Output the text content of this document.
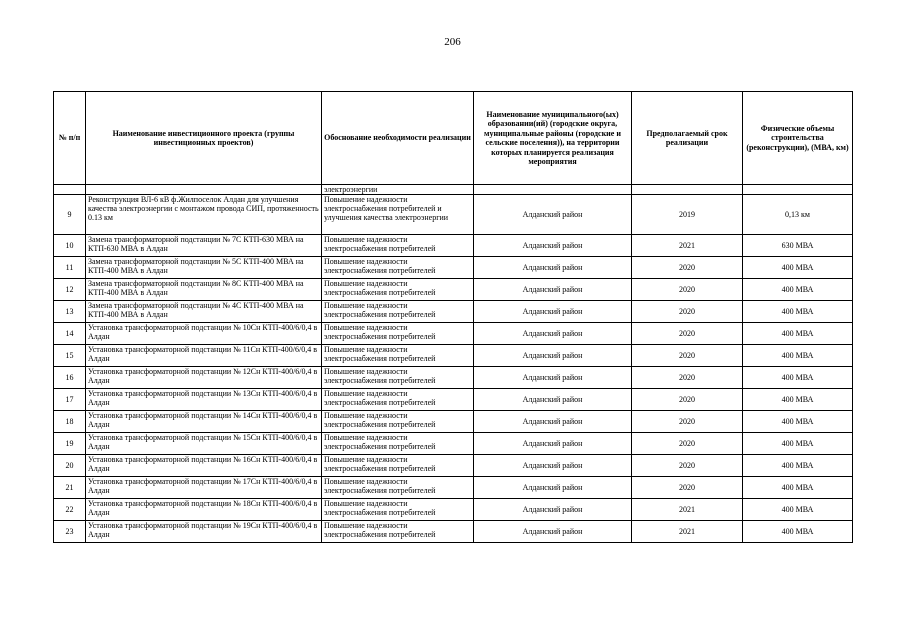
206
№ п/п	Наименование инвестиционного проекта (группы инвестиционных проектов)	Обоснование необходимости реализации	Наименование муниципального(ых) образовании(ий) (городские округа, муниципальные районы (городские и сельские поселения)), на территории которых планируется реализация мероприятия	Предполагаемый срок реализации	Физические объемы строительства (реконструкции), (МВА, км)
		электроэнергии			
9	Реконструкция ВЛ-6 кВ ф.Жилпоселок Алдан для улучшения качества электроэнергии с монтажом провода СИП, протяженность 0.13 км	Повышение надежности электроснабжения потребителей и улучшения качества электроэнергии	Алданский район	2019	0,13 км
10	Замена трансформаторной подстанции № 7С КТП-630 МВА на КТП-630 МВА в Алдан	Повышение надежности электроснабжения потребителей	Алданский район	2021	630 МВА
11	Замена трансформаторной подстанции № 5С КТП-400 МВА на КТП-400 МВА в Алдан	Повышение надежности электроснабжения потребителей	Алданский район	2020	400 МВА
12	Замена трансформаторной подстанции № 8С КТП-400 МВА на КТП-400 МВА в Алдан	Повышение надежности электроснабжения потребителей	Алданский район	2020	400 МВА
13	Замена трансформаторной подстанции № 4С КТП-400 МВА на КТП-400 МВА в Алдан	Повышение надежности электроснабжения потребителей	Алданский район	2020	400 МВА
14	Установка трансформаторной подстанции № 10Сн КТП-400/6/0,4 в Алдан	Повышение надежности электроснабжения потребителей	Алданский район	2020	400 МВА
15	Установка трансформаторной подстанции № 11Сн КТП-400/6/0,4 в Алдан	Повышение надежности электроснабжения потребителей	Алданский район	2020	400 МВА
16	Установка трансформаторной подстанции № 12Сн КТП-400/6/0,4 в Алдан	Повышение надежности электроснабжения потребителей	Алданский район	2020	400 МВА
17	Установка трансформаторной подстанции № 13Сн КТП-400/6/0,4 в Алдан	Повышение надежности электроснабжения потребителей	Алданский район	2020	400 МВА
18	Установка трансформаторной подстанции № 14Сн КТП-400/6/0,4 в Алдан	Повышение надежности электроснабжения потребителей	Алданский район	2020	400 МВА
19	Установка трансформаторной подстанции № 15Сн КТП-400/6/0,4 в Алдан	Повышение надежности электроснабжения потребителей	Алданский район	2020	400 МВА
20	Установка трансформаторной подстанции № 16Сн КТП-400/6/0,4 в Алдан	Повышение надежности электроснабжения потребителей	Алданский район	2020	400 МВА
21	Установка трансформаторной подстанции № 17Сн КТП-400/6/0,4 в Алдан	Повышение надежности электроснабжения потребителей	Алданский район	2020	400 МВА
22	Установка трансформаторной подстанции № 18Сн КТП-400/6/0,4 в Алдан	Повышение надежности электроснабжения потребителей	Алданский район	2021	400 МВА
23	Установка трансформаторной подстанции № 19Сн КТП-400/6/0,4 в Алдан	Повышение надежности электроснабжения потребителей	Алданский район	2021	400 МВА
